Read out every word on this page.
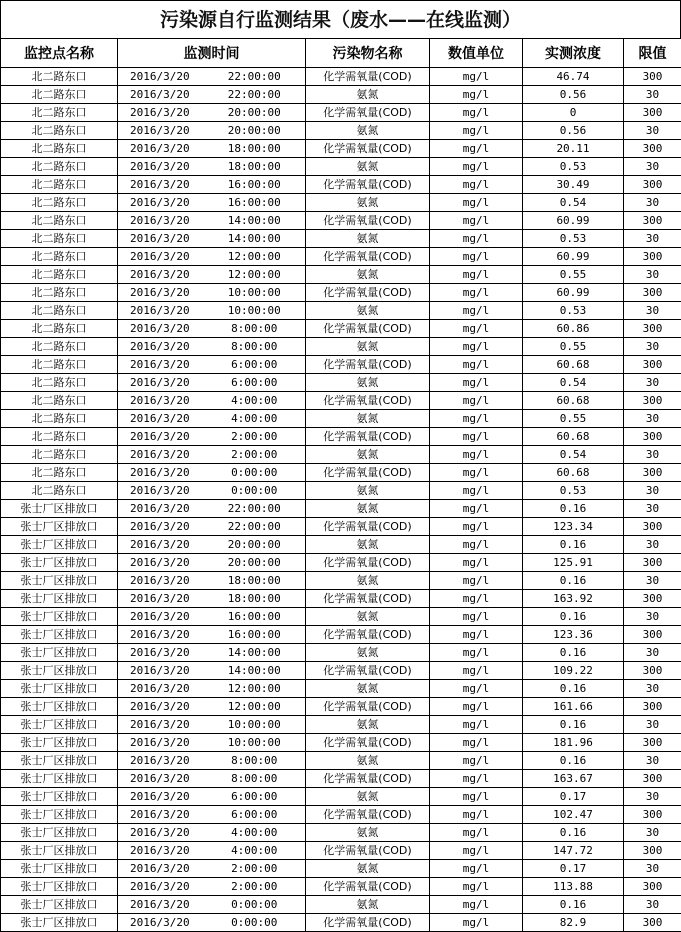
污染源自行监测结果（废水——在线监测）
监控点名称	监测时间		污染物名称	数值单位	实测浓度	限值
北二路东口	2016/3/20	22:00:00	化学需氧量(COD)	mg/l	46.74	300
北二路东口	2016/3/20	22:00:00	氨氮	mg/l	0.56	30
北二路东口	2016/3/20	20:00:00	化学需氧量(COD)	mg/l	0	300
北二路东口	2016/3/20	20:00:00	氨氮	mg/l	0.56	30
北二路东口	2016/3/20	18:00:00	化学需氧量(COD)	mg/l	20.11	300
北二路东口	2016/3/20	18:00:00	氨氮	mg/l	0.53	30
北二路东口	2016/3/20	16:00:00	化学需氧量(COD)	mg/l	30.49	300
北二路东口	2016/3/20	16:00:00	氨氮	mg/l	0.54	30
北二路东口	2016/3/20	14:00:00	化学需氧量(COD)	mg/l	60.99	300
北二路东口	2016/3/20	14:00:00	氨氮	mg/l	0.53	30
北二路东口	2016/3/20	12:00:00	化学需氧量(COD)	mg/l	60.99	300
北二路东口	2016/3/20	12:00:00	氨氮	mg/l	0.55	30
北二路东口	2016/3/20	10:00:00	化学需氧量(COD)	mg/l	60.99	300
北二路东口	2016/3/20	10:00:00	氨氮	mg/l	0.53	30
北二路东口	2016/3/20	8:00:00	化学需氧量(COD)	mg/l	60.86	300
北二路东口	2016/3/20	8:00:00	氨氮	mg/l	0.55	30
北二路东口	2016/3/20	6:00:00	化学需氧量(COD)	mg/l	60.68	300
北二路东口	2016/3/20	6:00:00	氨氮	mg/l	0.54	30
北二路东口	2016/3/20	4:00:00	化学需氧量(COD)	mg/l	60.68	300
北二路东口	2016/3/20	4:00:00	氨氮	mg/l	0.55	30
北二路东口	2016/3/20	2:00:00	化学需氧量(COD)	mg/l	60.68	300
北二路东口	2016/3/20	2:00:00	氨氮	mg/l	0.54	30
北二路东口	2016/3/20	0:00:00	化学需氧量(COD)	mg/l	60.68	300
北二路东口	2016/3/20	0:00:00	氨氮	mg/l	0.53	30
张士厂区排放口	2016/3/20	22:00:00	氨氮	mg/l	0.16	30
张士厂区排放口	2016/3/20	22:00:00	化学需氧量(COD)	mg/l	123.34	300
张士厂区排放口	2016/3/20	20:00:00	氨氮	mg/l	0.16	30
张士厂区排放口	2016/3/20	20:00:00	化学需氧量(COD)	mg/l	125.91	300
张士厂区排放口	2016/3/20	18:00:00	氨氮	mg/l	0.16	30
张士厂区排放口	2016/3/20	18:00:00	化学需氧量(COD)	mg/l	163.92	300
张士厂区排放口	2016/3/20	16:00:00	氨氮	mg/l	0.16	30
张士厂区排放口	2016/3/20	16:00:00	化学需氧量(COD)	mg/l	123.36	300
张士厂区排放口	2016/3/20	14:00:00	氨氮	mg/l	0.16	30
张士厂区排放口	2016/3/20	14:00:00	化学需氧量(COD)	mg/l	109.22	300
张士厂区排放口	2016/3/20	12:00:00	氨氮	mg/l	0.16	30
张士厂区排放口	2016/3/20	12:00:00	化学需氧量(COD)	mg/l	161.66	300
张士厂区排放口	2016/3/20	10:00:00	氨氮	mg/l	0.16	30
张士厂区排放口	2016/3/20	10:00:00	化学需氧量(COD)	mg/l	181.96	300
张士厂区排放口	2016/3/20	8:00:00	氨氮	mg/l	0.16	30
张士厂区排放口	2016/3/20	8:00:00	化学需氧量(COD)	mg/l	163.67	300
张士厂区排放口	2016/3/20	6:00:00	氨氮	mg/l	0.17	30
张士厂区排放口	2016/3/20	6:00:00	化学需氧量(COD)	mg/l	102.47	300
张士厂区排放口	2016/3/20	4:00:00	氨氮	mg/l	0.16	30
张士厂区排放口	2016/3/20	4:00:00	化学需氧量(COD)	mg/l	147.72	300
张士厂区排放口	2016/3/20	2:00:00	氨氮	mg/l	0.17	30
张士厂区排放口	2016/3/20	2:00:00	化学需氧量(COD)	mg/l	113.88	300
张士厂区排放口	2016/3/20	0:00:00	氨氮	mg/l	0.16	30
张士厂区排放口	2016/3/20	0:00:00	化学需氧量(COD)	mg/l	82.9	300
